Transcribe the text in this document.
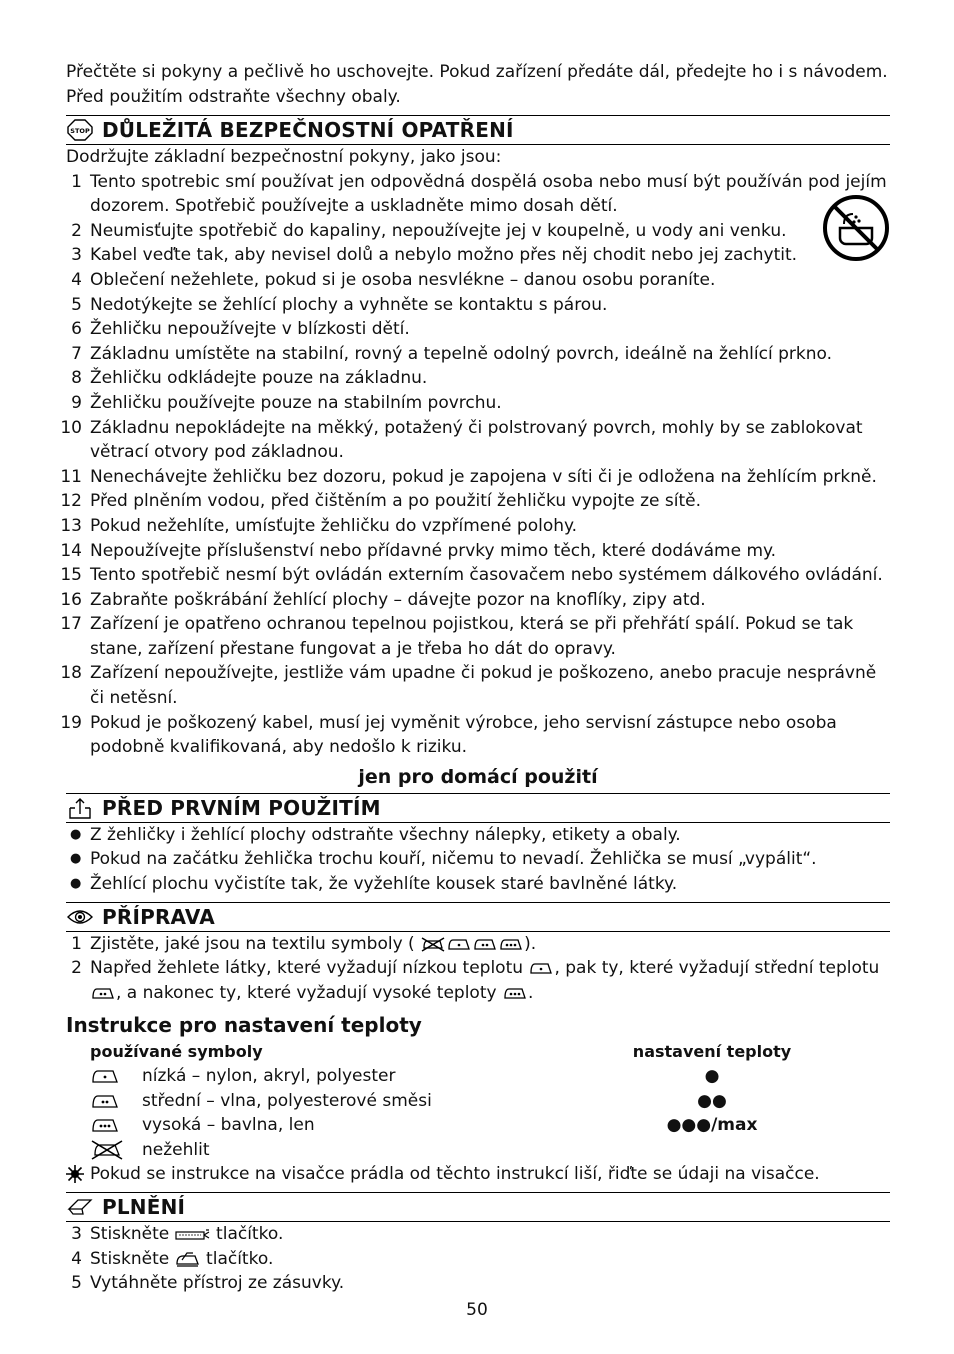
Přečtěte si pokyny a pečlivě ho uschovejte. Pokud zařízení předáte dál, předejte ho i s návodem.
Před použitím odstraňte všechny obaly.

STOP DŮLEŽITÁ BEZPEČNOSTNÍ OPATŘENÍ
Dodržujte základní bezpečnostní pokyny, jako jsou:
1 Tento spotrebic smí používat jen odpovědná dospělá osoba nebo musí být používán pod jejím dozorem. Spotřebič používejte a uskladněte mimo dosah dětí.
2 Neumisťujte spotřebič do kapaliny, nepoužívejte jej v koupelně, u vody ani venku.
3 Kabel veďte tak, aby nevisel dolů a nebylo možno přes něj chodit nebo jej zachytit.
4 Oblečení nežehlete, pokud si je osoba nesvlékne – danou osobu poraníte.
5 Nedotýkejte se žehlící plochy a vyhněte se kontaktu s párou.
6 Žehličku nepoužívejte v blízkosti dětí.
7 Základnu umístěte na stabilní, rovný a tepelně odolný povrch, ideálně na žehlící prkno.
8 Žehličku odkládejte pouze na základnu.
9 Žehličku používejte pouze na stabilním povrchu.
10 Základnu nepokládejte na měkký, potažený či polstrovaný povrch, mohly by se zablokovat větrací otvory pod základnou.
11 Nenechávejte žehličku bez dozoru, pokud je zapojena v síti či je odložena na žehlícím prkně.
12 Před plněním vodou, před čištěním a po použití žehličku vypojte ze sítě.
13 Pokud nežehlíte, umísťujte žehličku do vzpřímené polohy.
14 Nepoužívejte příslušenství nebo přídavné prvky mimo těch, které dodáváme my.
15 Tento spotřebič nesmí být ovládán externím časovačem nebo systémem dálkového ovládání.
16 Zabraňte poškrábání žehlící plochy – dávejte pozor na knoflíky, zipy atd.
17 Zařízení je opatřeno ochranou tepelnou pojistkou, která se při přehřátí spálí. Pokud se tak stane, zařízení přestane fungovat a je třeba ho dát do opravy.
18 Zařízení nepoužívejte, jestliže vám upadne či pokud je poškozeno, anebo pracuje nesprávně či netěsní.
19 Pokud je poškozený kabel, musí jej vyměnit výrobce, jeho servisní zástupce nebo osoba podobně kvalifikovaná, aby nedošlo k riziku.
jen pro domácí použití
PŘED PRVNÍM POUŽITÍM
● Z žehličky i žehlící plochy odstraňte všechny nálepky, etikety a obaly.
● Pokud na začátku žehlička trochu kouří, ničemu to nevadí. Žehlička se musí „vypálit“.
● Žehlící plochu vyčistíte tak, že vyžehlíte kousek staré bavlněné látky.
PŘÍPRAVA
1 Zjistěte, jaké jsou na textilu symboly (	).
2 Napřed žehlete látky, které vyžadují nízkou teplotu , pak ty, které vyžadují střední teplotu
, a nakonec ty, které vyžadují vysoké teploty .
Instrukce pro nastavení teploty
používané symboly	nastavení teploty
nízká – nylon, akryl, polyester	●
střední – vlna, polyesterové směsi	●●
vysoká – bavlna, len	●●●/max
nežehlit
Pokud se instrukce na visačce prádla od těchto instrukcí liší, řiďte se údaji na visačce.
PLNĚNÍ
3 Stiskněte  tlačítko.
4 Stiskněte  tlačítko.
5 Vytáhněte přístroj ze zásuvky.
50
